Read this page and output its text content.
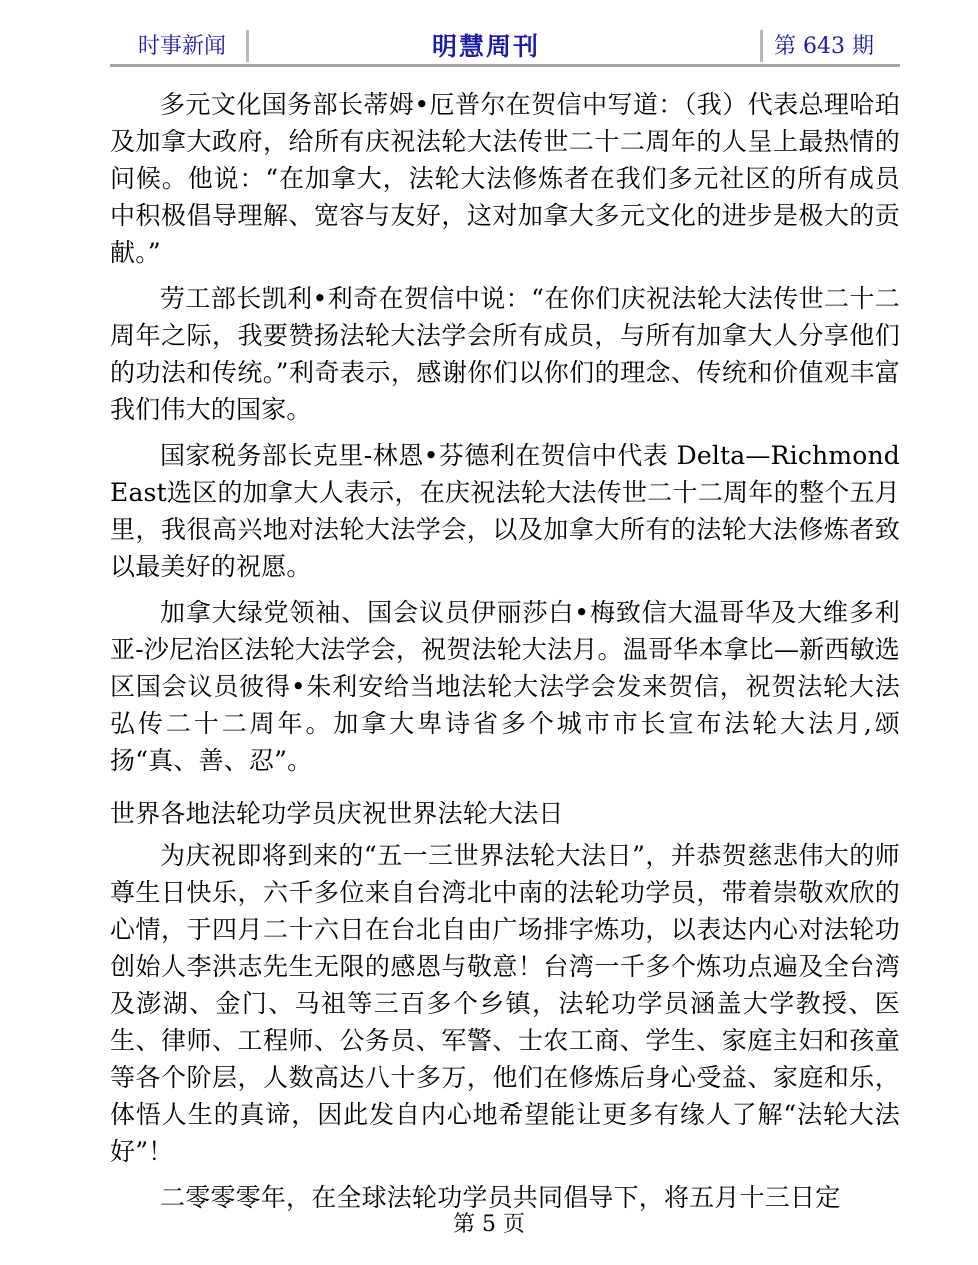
时事新闻	明慧周刊	第 643 期

多元文化国务部长蒂姆•厄普尔在贺信中写道：（我）代表总理哈珀及加拿大政府，给所有庆祝法轮大法传世二十二周年的人呈上最热情的问候。他说：“在加拿大，法轮大法修炼者在我们多元社区的所有成员中积极倡导理解、宽容与友好，这对加拿大多元文化的进步是极大的贡献。”

劳工部长凯利•利奇在贺信中说：“在你们庆祝法轮大法传世二十二周年之际，我要赞扬法轮大法学会所有成员，与所有加拿大人分享他们的功法和传统。”利奇表示，感谢你们以你们的理念、传统和价值观丰富我们伟大的国家。

国家税务部长克里-林恩•芬德利在贺信中代表 Delta—Richmond East选区的加拿大人表示，在庆祝法轮大法传世二十二周年的整个五月里，我很高兴地对法轮大法学会，以及加拿大所有的法轮大法修炼者致以最美好的祝愿。

加拿大绿党领袖、国会议员伊丽莎白•梅致信大温哥华及大维多利亚-沙尼治区法轮大法学会，祝贺法轮大法月。温哥华本拿比—新西敏选区国会议员彼得•朱利安给当地法轮大法学会发来贺信，祝贺法轮大法弘传二十二周年。加拿大卑诗省多个城市市长宣布法轮大法月,颂扬“真、善、忍”。

世界各地法轮功学员庆祝世界法轮大法日

为庆祝即将到来的“五一三世界法轮大法日”，并恭贺慈悲伟大的师尊生日快乐，六千多位来自台湾北中南的法轮功学员，带着崇敬欢欣的心情，于四月二十六日在台北自由广场排字炼功，以表达内心对法轮功创始人李洪志先生无限的感恩与敬意！台湾一千多个炼功点遍及全台湾及澎湖、金门、马祖等三百多个乡镇，法轮功学员涵盖大学教授、医生、律师、工程师、公务员、军警、士农工商、学生、家庭主妇和孩童等各个阶层，人数高达八十多万，他们在修炼后身心受益、家庭和乐，体悟人生的真谛，因此发自内心地希望能让更多有缘人了解“法轮大法好”！

二零零零年，在全球法轮功学员共同倡导下，将五月十三日定

第 5 页
